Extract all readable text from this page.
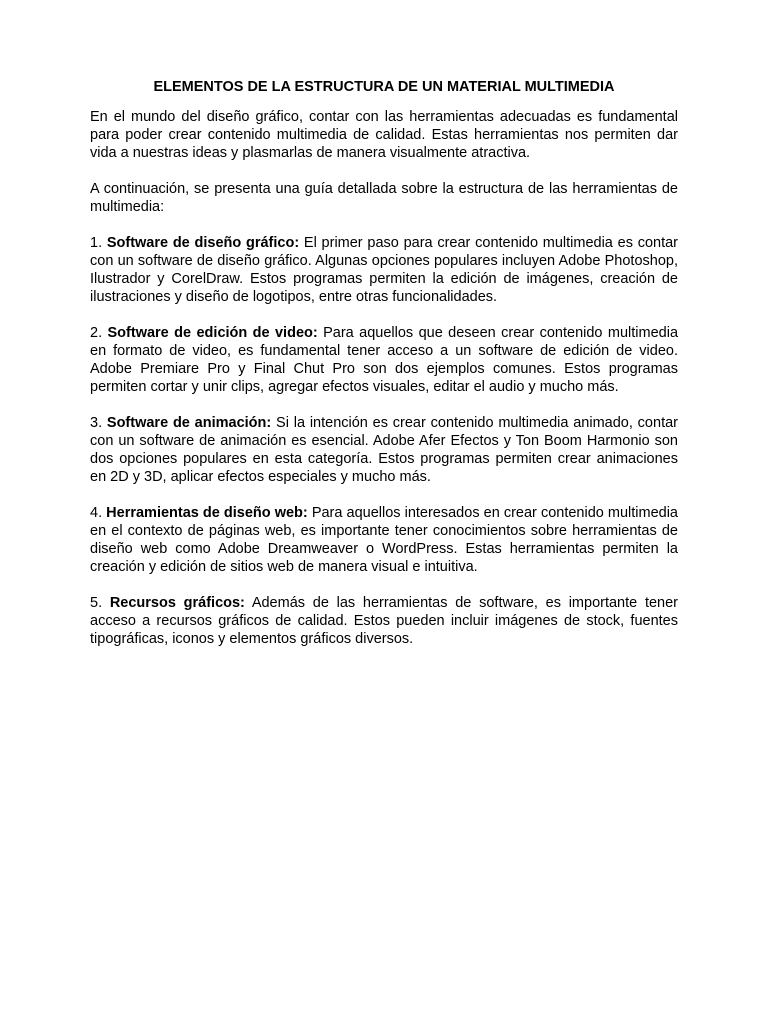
ELEMENTOS DE LA ESTRUCTURA DE UN MATERIAL MULTIMEDIA

En el mundo del diseño gráfico, contar con las herramientas adecuadas es fundamental para poder crear contenido multimedia de calidad. Estas herramientas nos permiten dar vida a nuestras ideas y plasmarlas de manera visualmente atractiva.

A continuación, se presenta una guía detallada sobre la estructura de las herramientas de multimedia:

1. Software de diseño gráfico: El primer paso para crear contenido multimedia es contar con un software de diseño gráfico. Algunas opciones populares incluyen Adobe Photoshop, Ilustrador y CorelDraw. Estos programas permiten la edición de imágenes, creación de ilustraciones y diseño de logotipos, entre otras funcionalidades.

2. Software de edición de video: Para aquellos que deseen crear contenido multimedia en formato de video, es fundamental tener acceso a un software de edición de video. Adobe Premiare Pro y Final Chut Pro son dos ejemplos comunes. Estos programas permiten cortar y unir clips, agregar efectos visuales, editar el audio y mucho más.

3. Software de animación: Si la intención es crear contenido multimedia animado, contar con un software de animación es esencial. Adobe Afer Efectos y Ton Boom Harmonio son dos opciones populares en esta categoría. Estos programas permiten crear animaciones en 2D y 3D, aplicar efectos especiales y mucho más.

4. Herramientas de diseño web: Para aquellos interesados en crear contenido multimedia en el contexto de páginas web, es importante tener conocimientos sobre herramientas de diseño web como Adobe Dreamweaver o WordPress. Estas herramientas permiten la creación y edición de sitios web de manera visual e intuitiva.

5. Recursos gráficos: Además de las herramientas de software, es importante tener acceso a recursos gráficos de calidad. Estos pueden incluir imágenes de stock, fuentes tipográficas, iconos y elementos gráficos diversos.
